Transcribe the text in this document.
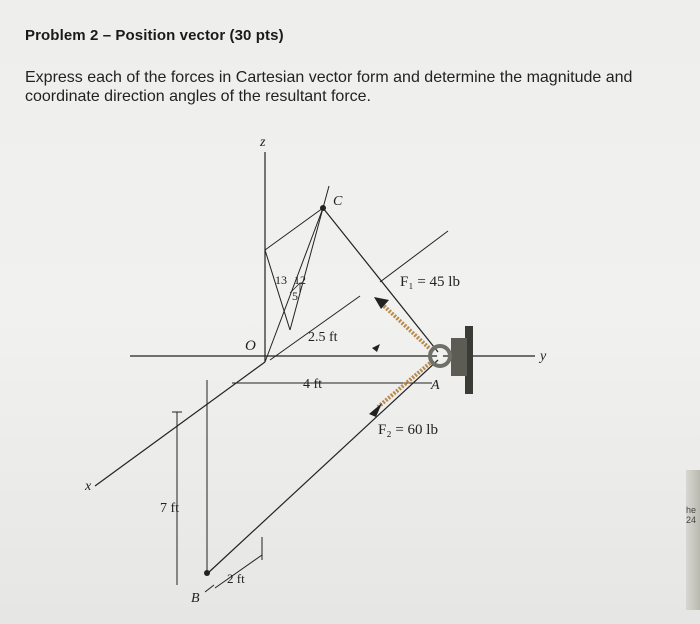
Problem 2 – Position vector (30 pts)
Express each of the forces in Cartesian vector form and determine the magnitude and coordinate direction angles of the resultant force.
z
y
x
O
C
A
B
13 12
5
2.5 ft
4 ft
7 ft
2 ft
F₁ = 45 lb
F₂ = 60 lb
he 24
